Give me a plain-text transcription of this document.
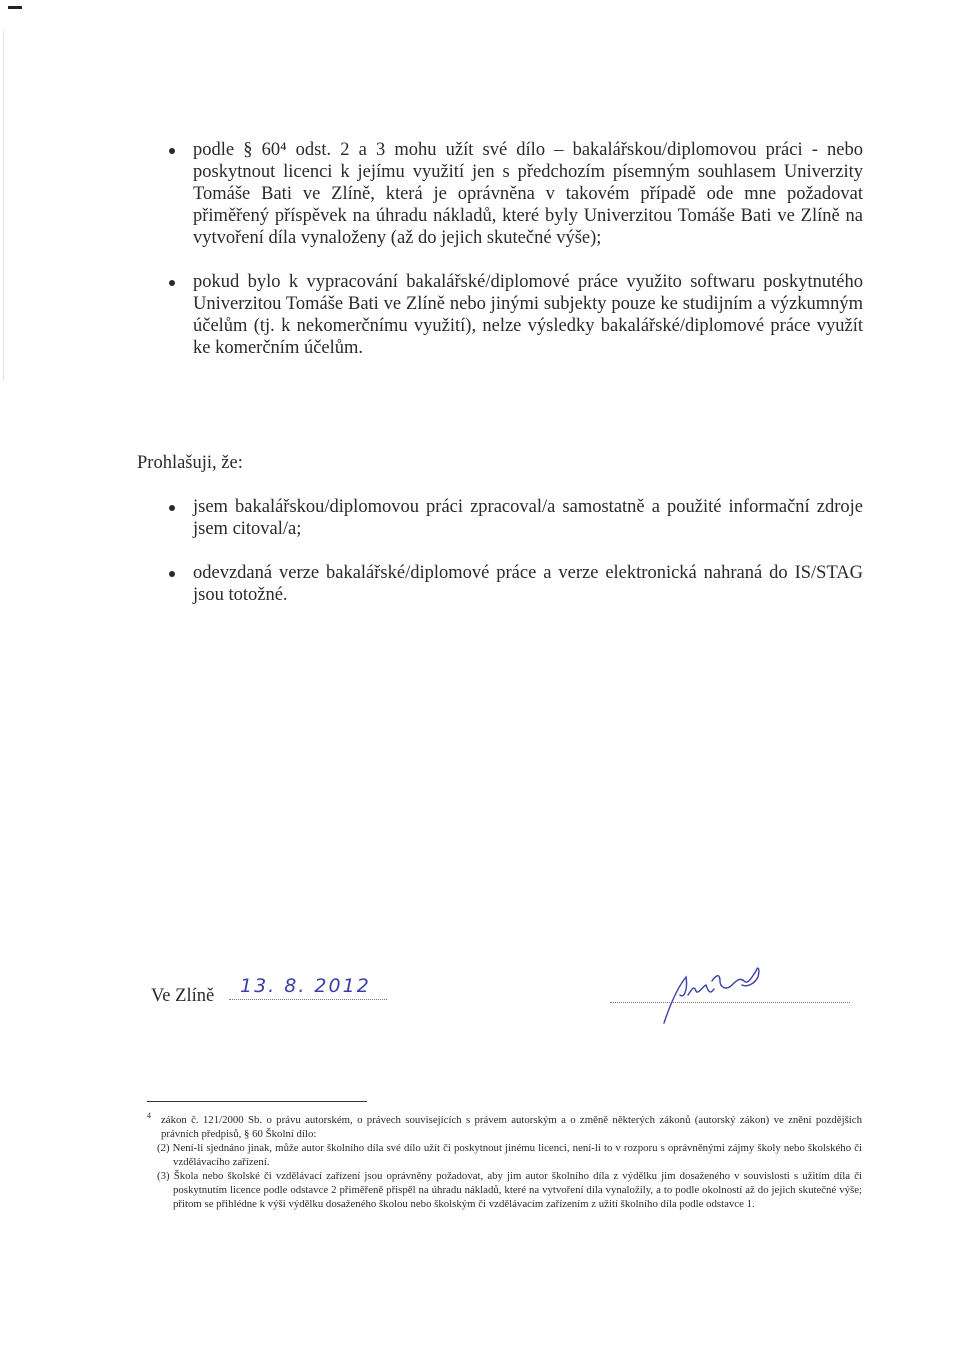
podle § 60⁴ odst. 2 a 3 mohu užít své dílo – bakalářskou/diplomovou práci - nebo poskytnout licenci k jejímu využití jen s předchozím písemným souhlasem Univerzity Tomáše Bati ve Zlíně, která je oprávněna v takovém případě ode mne požadovat přiměřený příspěvek na úhradu nákladů, které byly Univerzitou Tomáše Bati ve Zlíně na vytvoření díla vynaloženy (až do jejich skutečné výše);
pokud bylo k vypracování bakalářské/diplomové práce využito softwaru poskytnutého Univerzitou Tomáše Bati ve Zlíně nebo jinými subjekty pouze ke studijním a výzkumným účelům (tj. k nekomerčnímu využití), nelze výsledky bakalářské/diplomové práce využít ke komerčním účelům.
Prohlašuji, že:
jsem bakalářskou/diplomovou práci zpracoval/a samostatně a použité informační zdroje jsem citoval/a;
odevzdaná verze bakalářské/diplomové práce a verze elektronická nahraná do IS/STAG jsou totožné.
Ve Zlíně 13. 8. 2012
4 zákon č. 121/2000 Sb. o právu autorském, o právech souvisejících s právem autorským a o změně některých zákonů (autorský zákon) ve znění pozdějších právních předpisů, § 60 Školní dílo:
(2) Není-li sjednáno jinak, může autor školního díla své dílo užít či poskytnout jinému licenci, není-li to v rozporu s oprávněnými zájmy školy nebo školského či vzdělávacího zařízení.
(3) Škola nebo školské či vzdělávací zařízení jsou oprávněny požadovat, aby jim autor školního díla z výdělku jim dosaženého v souvislosti s užitím díla či poskytnutím licence podle odstavce 2 přiměřeně přispěl na úhradu nákladů, které na vytvoření díla vynaložily, a to podle okolností až do jejich skutečné výše; přitom se přihlédne k výši výdělku dosaženého školou nebo školským či vzdělávacím zařízením z užití školního díla podle odstavce 1.
